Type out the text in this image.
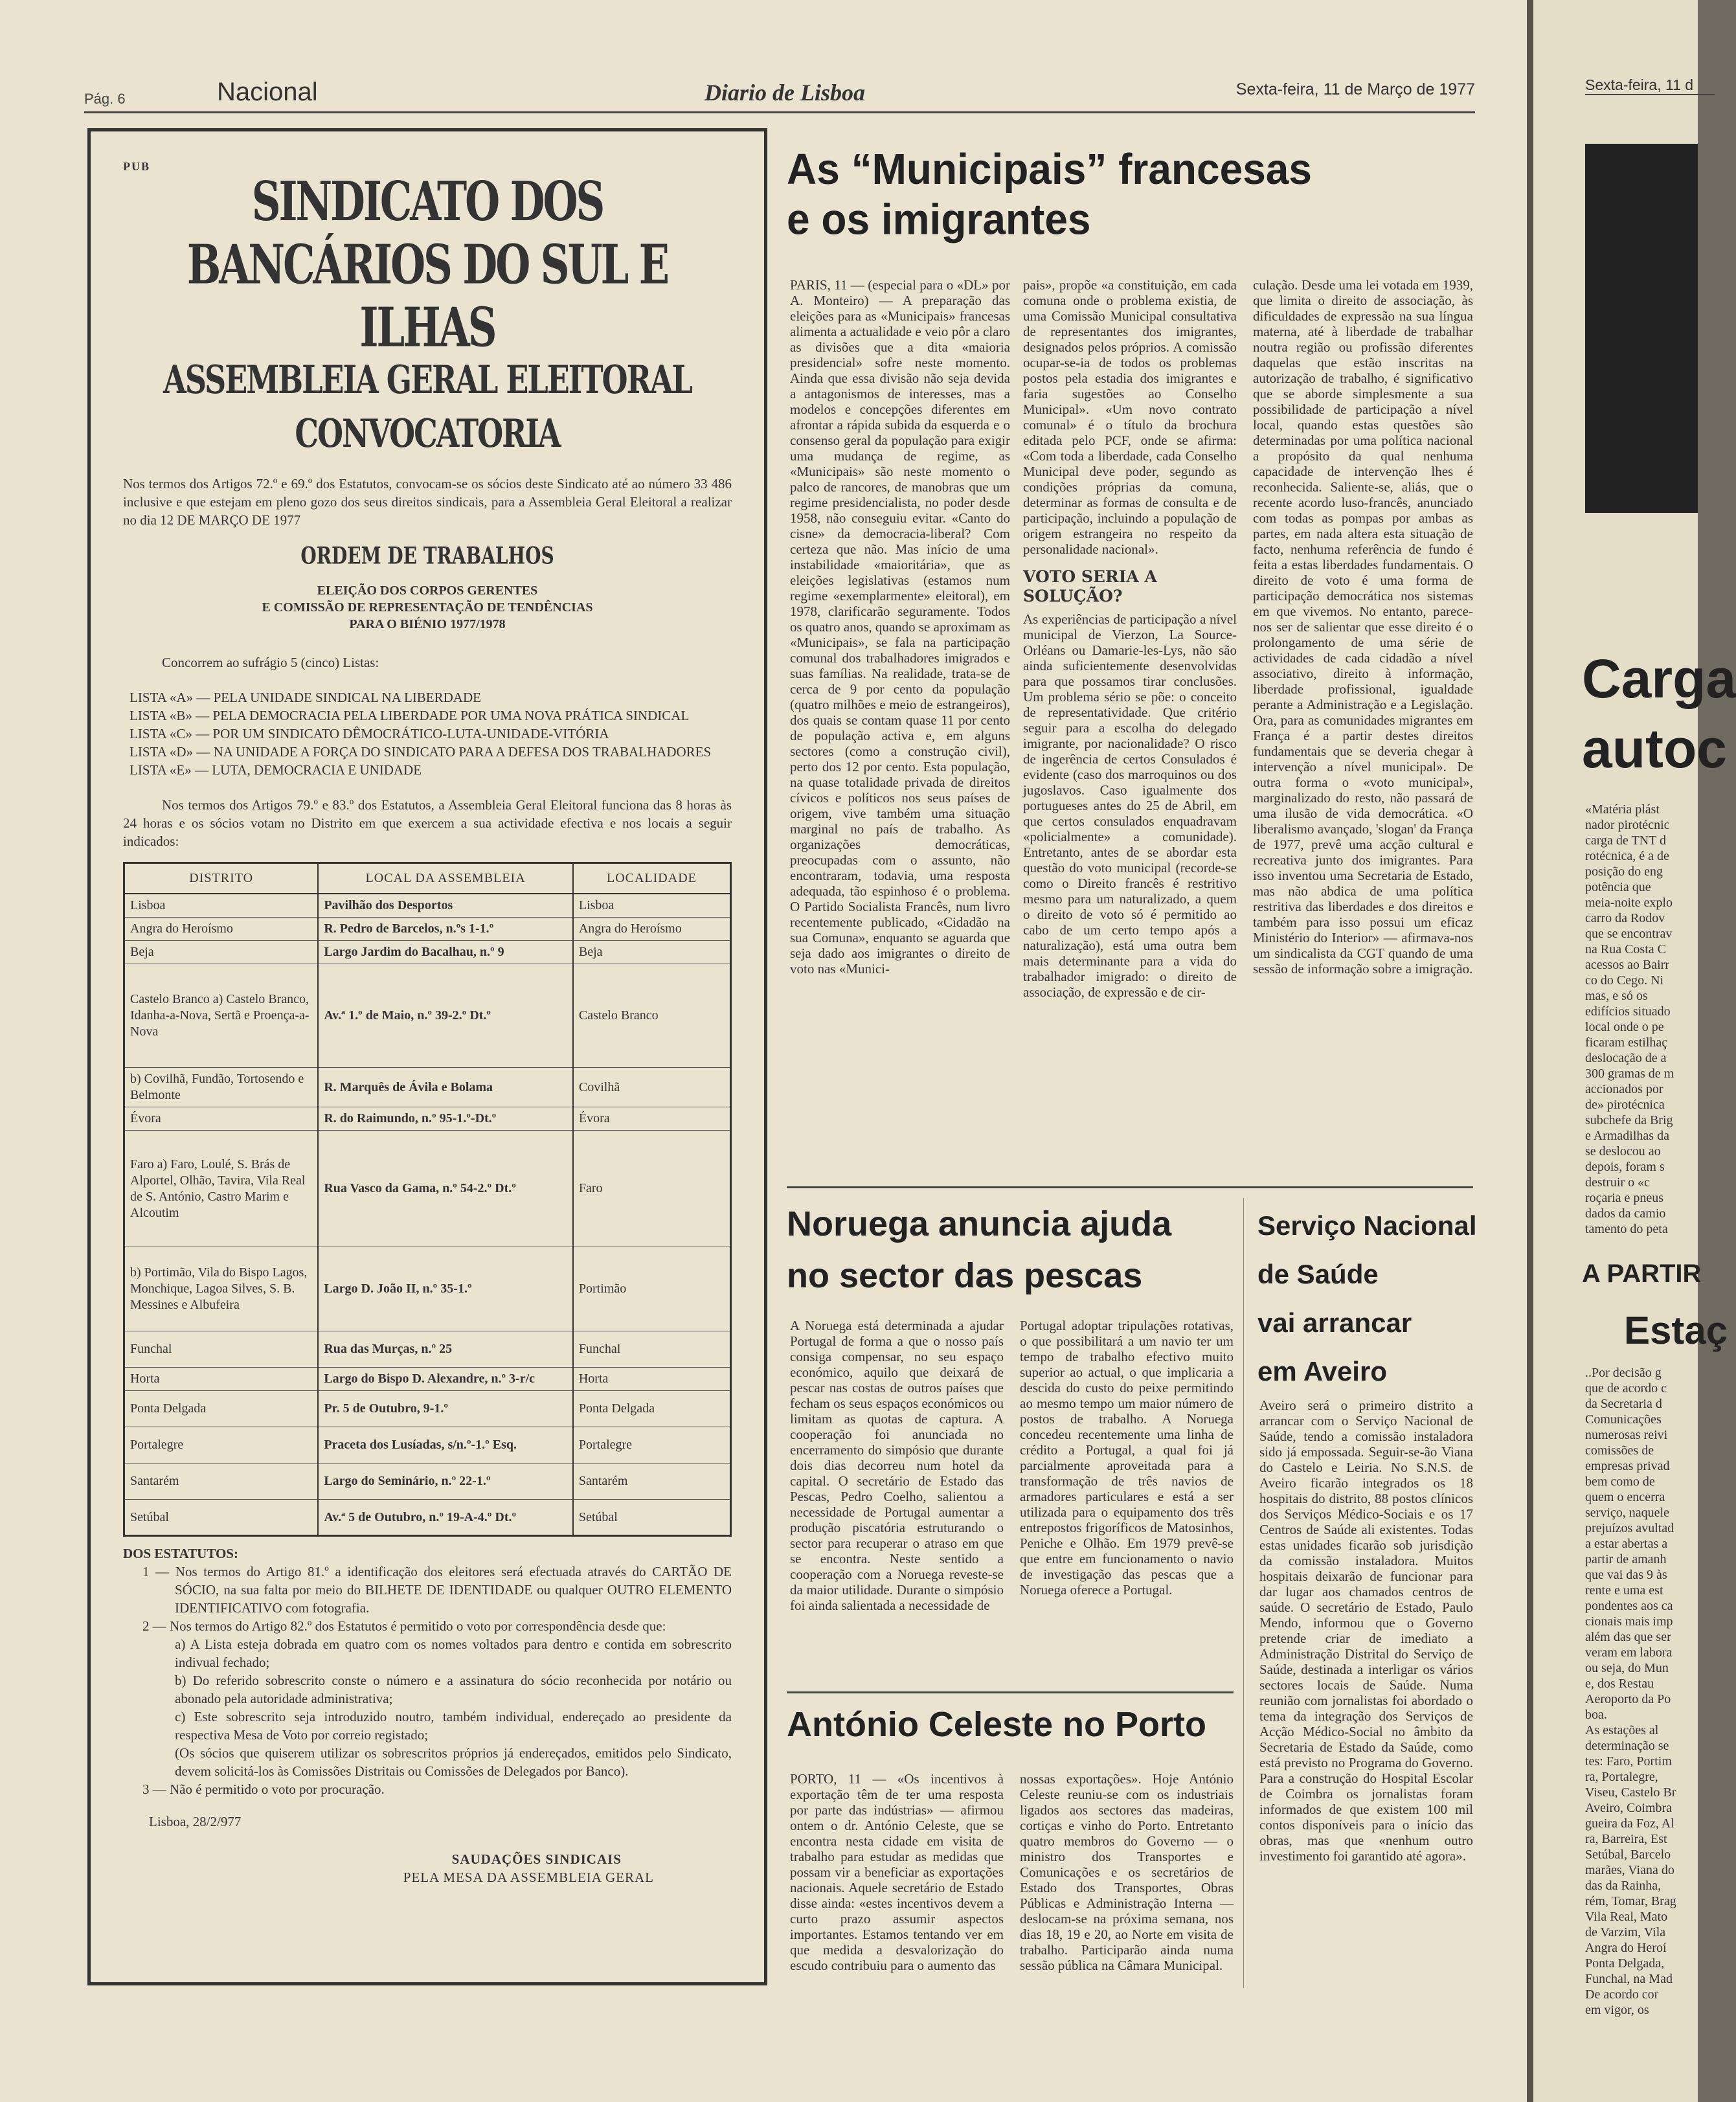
Pág. 6	Nacional	Diario de Lisboa	Sexta-feira, 11 de Março de 1977
PUB
SINDICATO DOS BANCÁRIOS DO SUL E ILHAS
ASSEMBLEIA GERAL ELEITORAL
CONVOCATORIA

Nos termos dos Artigos 72.º e 69.º dos Estatutos, convocam-se os sócios deste Sindicato até ao número 33 486 inclusive e que estejam em pleno gozo dos seus direitos sindicais, para a Assembleia Geral Eleitoral a realizar no dia 12 DE MARÇO DE 1977

ORDEM DE TRABALHOS
ELEIÇÃO DOS CORPOS GERENTES
E COMISSÃO DE REPRESENTAÇÃO DE TENDÊNCIAS
PARA O BIÉNIO 1977/1978
Concorrem ao sufrágio 5 (cinco) Listas:
LISTA «A» — PELA UNIDADE SINDICAL NA LIBERDADE
LISTA «B» — PELA DEMOCRACIA PELA LIBERDADE POR UMA NOVA PRÁTICA SINDICAL
LISTA «C» — POR UM SINDICATO DÊMOCRÁTICO-LUTA-UNIDADE-VITÓRIA
LISTA «D» — NA UNIDADE A FORÇA DO SINDICATO PARA A DEFESA DOS TRABALHADORES
LISTA «E» — LUTA, DEMOCRACIA E UNIDADE

Nos termos dos Artigos 79.º e 83.º dos Estatutos, a Assembleia Geral Eleitoral funciona das 8 horas às 24 horas e os sócios votam no Distrito em que exercem a sua actividade efectiva e nos locais a seguir indicados:

DISTRITO	LOCAL DA ASSEMBLEIA	LOCALIDADE
Lisboa	Pavilhão dos Desportos	Lisboa
Angra do Heroísmo	R. Pedro de Barcelos, n.ºs 1-1.º	Angra do Heroísmo
Beja	Largo Jardim do Bacalhau, n.º 9	Beja
Castelo Branco a) Castelo Branco, Idanha-a-Nova, Sertã e Proença-a-Nova	Av.ª 1.º de Maio, n.º 39-2.º Dt.º	Castelo Branco
b) Covilhã, Fundão, Tortosendo e Belmonte	R. Marquês de Ávila e Bolama	Covilhã
Évora	R. do Raimundo, n.º 95-1.º-Dt.º	Évora
Faro a) Faro, Loulé, S. Brás de Alportel, Olhão, Tavira, Vila Real de S. António, Castro Marim e Alcoutim	Rua Vasco da Gama, n.º 54-2.º Dt.º	Faro
b) Portimão, Vila do Bispo Lagos, Monchique, Lagoa Silves, S. B. Messines e Albufeira	Largo D. João II, n.º 35-1.º	Portimão
Funchal	Rua das Murças, n.º 25	Funchal
Horta	Largo do Bispo D. Alexandre, n.º 3-r/c	Horta
Ponta Delgada	Pr. 5 de Outubro, 9-1.º	Ponta Delgada
Portalegre	Praceta dos Lusíadas, s/n.º-1.º Esq.	Portalegre
Santarém	Largo do Seminário, n.º 22-1.º	Santarém
Setúbal	Av.ª 5 de Outubro, n.º 19-A-4.º Dt.º	Setúbal
DOS ESTATUTOS:
1 — Nos termos do Artigo 81.º a identificação dos eleitores será efectuada através do CARTÃO DE SÓCIO, na sua falta por meio do BILHETE DE IDENTIDADE ou qualquer OUTRO ELEMENTO IDENTIFICATIVO com fotografia.
2 — Nos termos do Artigo 82.º dos Estatutos é permitido o voto por correspondência desde que:
a) A Lista esteja dobrada em quatro com os nomes voltados para dentro e contida em sobrescrito indivual fechado;
b) Do referido sobrescrito conste o número e a assinatura do sócio reconhecida por notário ou abonado pela autoridade administrativa;
c) Este sobrescrito seja introduzido noutro, também individual, endereçado ao presidente da respectiva Mesa de Voto por correio registado;
(Os sócios que quiserem utilizar os sobrescritos próprios já endereçados, emitidos pelo Sindicato, devem solicitá-los às Comissões Distritais ou Comissões de Delegados por Banco).
3 — Não é permitido o voto por procuração.
Lisboa, 28/2/977
SAUDAÇÕES SINDICAIS
PELA MESA DA ASSEMBLEIA GERAL
As “Municipais” francesas
e os imigrantes
PARIS, 11 — (especial para o «DL» por A. Monteiro) — A preparação das eleições para as «Municipais» francesas alimenta a actualidade e veio pôr a claro as divisões que a dita «maioria presidencial» sofre neste momento. Ainda que essa divisão não seja devida a antagonismos de interesses, mas a modelos e concepções diferentes em afrontar a rápida subida da esquerda e o consenso geral da população para exigir uma mudança de regime, as «Municipais» são neste momento o palco de rancores, de manobras que um regime presidencialista, no poder desde 1958, não conseguiu evitar. «Canto do cisne» da democracia-liberal? Com certeza que não. Mas início de uma instabilidade «maioritária», que as eleições legislativas (estamos num regime «exemplarmente» eleitoral), em 1978, clarificarão seguramente. Todos os quatro anos, quando se aproximam as «Municipais», se fala na participação comunal dos trabalhadores imigrados e suas famílias. Na realidade, trata-se de cerca de 9 por cento da população (quatro milhões e meio de estrangeiros), dos quais se contam quase 11 por cento de população activa e, em alguns sectores (como a construção civil), perto dos 12 por cento. Esta população, na quase totalidade privada de direitos cívicos e políticos nos seus países de origem, vive também uma situação marginal no país de trabalho. As organizações democráticas, preocupadas com o assunto, não encontraram, todavia, uma resposta adequada, tão espinhoso é o problema. O Partido Socialista Francês, num livro recentemente publicado, «Cidadão na sua Comuna», enquanto se aguarda que seja dado aos imigrantes o direito de voto nas «Munici-
pais», propõe «a constituição, em cada comuna onde o problema existia, de uma Comissão Municipal consultativa de representantes dos imigrantes, designados pelos próprios. A comissão ocupar-se-ia de todos os problemas postos pela estadia dos imigrantes e faria sugestões ao Conselho Municipal». «Um novo contrato comunal» é o título da brochura editada pelo PCF, onde se afirma: «Com toda a liberdade, cada Conselho Municipal deve poder, segundo as condições próprias da comuna, determinar as formas de consulta e de participação, incluindo a população de origem estrangeira no respeito da personalidade nacional».
VOTO SERIA A SOLUÇÃO?
As experiências de participação a nível municipal de Vierzon, La Source-Orléans ou Damarie-les-Lys, não são ainda suficientemente desenvolvidas para que possamos tirar conclusões. Um problema sério se põe: o conceito de representatividade. Que critério seguir para a escolha do delegado imigrante, por nacionalidade? O risco de ingerência de certos Consulados é evidente (caso dos marroquinos ou dos jugoslavos. Caso igualmente dos portugueses antes do 25 de Abril, em que certos consulados enquadravam «policialmente» a comunidade). Entretanto, antes de se abordar esta questão do voto municipal (recorde-se como o Direito francês é restritivo mesmo para um naturalizado, a quem o direito de voto só é permitido ao cabo de um certo tempo após a naturalização), está uma outra bem mais determinante para a vida do trabalhador imigrado: o direito de associação, de expressão e de cir-
culação. Desde uma lei votada em 1939, que limita o direito de associação, às dificuldades de expressão na sua língua materna, até à liberdade de trabalhar noutra região ou profissão diferentes daquelas que estão inscritas na autorização de trabalho, é significativo que se aborde simplesmente a sua possibilidade de participação a nível local, quando estas questões são determinadas por uma política nacional a propósito da qual nenhuma capacidade de intervenção lhes é reconhecida. Saliente-se, aliás, que o recente acordo luso-francês, anunciado com todas as pompas por ambas as partes, em nada altera esta situação de facto, nenhuma referência de fundo é feita a estas liberdades fundamentais. O direito de voto é uma forma de participação democrática nos sistemas em que vivemos. No entanto, parece-nos ser de salientar que esse direito é o prolongamento de uma série de actividades de cada cidadão a nível associativo, direito à informação, liberdade profissional, igualdade perante a Administração e a Legislação. Ora, para as comunidades migrantes em França é a partir destes direitos fundamentais que se deveria chegar à intervenção a nível municipal». De outra forma o «voto municipal», marginalizado do resto, não passará de uma ilusão de vida democrática. «O liberalismo avançado, 'slogan' da França de 1977, prevê uma acção cultural e recreativa junto dos imigrantes. Para isso inventou uma Secretaria de Estado, mas não abdica de uma política restritiva das liberdades e dos direitos e também para isso possui um eficaz Ministério do Interior» — afirmava-nos um sindicalista da CGT quando de uma sessão de informação sobre a imigração.
Noruega anuncia ajuda
no sector das pescas
A Noruega está determinada a ajudar Portugal de forma a que o nosso país consiga compensar, no seu espaço económico, aquilo que deixará de pescar nas costas de outros países que fecham os seus espaços económicos ou limitam as quotas de captura. A cooperação foi anunciada no encerramento do simpósio que durante dois dias decorreu num hotel da capital. O secretário de Estado das Pescas, Pedro Coelho, salientou a necessidade de Portugal aumentar a produção piscatória estruturando o sector para recuperar o atraso em que se encontra. Neste sentido a cooperação com a Noruega reveste-se da maior utilidade. Durante o simpósio foi ainda salientada a necessidade de
Portugal adoptar tripulações rotativas, o que possibilitará a um navio ter um tempo de trabalho efectivo muito superior ao actual, o que implicaria a descida do custo do peixe permitindo ao mesmo tempo um maior número de postos de trabalho. A Noruega concedeu recentemente uma linha de crédito a Portugal, a qual foi já parcialmente aproveitada para a transformação de três navios de armadores particulares e está a ser utilizada para o equipamento dos três entrepostos frigoríficos de Matosinhos, Peniche e Olhão. Em 1979 prevê-se que entre em funcionamento o navio de investigação das pescas que a Noruega oferece a Portugal.
António Celeste no Porto
PORTO, 11 — «Os incentivos à exportação têm de ter uma resposta por parte das indústrias» — afirmou ontem o dr. António Celeste, que se encontra nesta cidade em visita de trabalho para estudar as medidas que possam vir a beneficiar as exportações nacionais. Aquele secretário de Estado disse ainda: «estes incentivos devem a curto prazo assumir aspectos importantes. Estamos tentando ver em que medida a desvalorização do escudo contribuiu para o aumento das
nossas exportações». Hoje António Celeste reuniu-se com os industriais ligados aos sectores das madeiras, cortiças e vinho do Porto. Entretanto quatro membros do Governo — o ministro dos Transportes e Comunicações e os secretários de Estado dos Transportes, Obras Públicas e Administração Interna — deslocam-se na próxima semana, nos dias 18, 19 e 20, ao Norte em visita de trabalho. Participarão ainda numa sessão pública na Câmara Municipal.
Serviço Nacional
de Saúde
vai arrancar
em Aveiro
Aveiro será o primeiro distrito a arrancar com o Serviço Nacional de Saúde, tendo a comissão instaladora sido já empossada. Seguir-se-ão Viana do Castelo e Leiria. No S.N.S. de Aveiro ficarão integrados os 18 hospitais do distrito, 88 postos clínicos dos Serviços Médico-Sociais e os 17 Centros de Saúde ali existentes. Todas estas unidades ficarão sob jurisdição da comissão instaladora. Muitos hospitais deixarão de funcionar para dar lugar aos chamados centros de saúde. O secretário de Estado, Paulo Mendo, informou que o Governo pretende criar de imediato a Administração Distrital do Serviço de Saúde, destinada a interligar os vários sectores locais de Saúde. Numa reunião com jornalistas foi abordado o tema da integração dos Serviços de Acção Médico-Social no âmbito da Secretaria de Estado da Saúde, como está previsto no Programa do Governo. Para a construção do Hospital Escolar de Coimbra os jornalistas foram informados de que existem 100 mil contos disponíveis para o início das obras, mas que «nenhum outro investimento foi garantido até agora».
Sexta-feira, 11 d
Carga
autoc
«Matéria plást
nador pirotécnic
carga de TNT d
rotécnica, é a de
posição do eng
potência que
meia-noite explo
carro da Rodov
que se encontrav
na Rua Costa C
acessos ao Bairr
co do Cego. Ni
mas, e só os
edifícios situado
local onde o pe
ficaram estilhaç
deslocação de a
300 gramas de m
accionados por
de» pirotécnica
subchefe da Brig
e Armadilhas da
se deslocou ao
depois, foram s
destruir o «c
roçaria e pneus
dados da camio
tamento do peta
A PARTIR
Estaç
..Por decisão g
que de acordo c
da Secretaria d
Comunicações
numerosas reivi
comissões de
empresas privad
bem como de
quem o encerra
serviço, naquele
prejuízos avultad
a estar abertas a
partir de amanh
que vai das 9 às
rente e uma est
pondentes aos ca
cionais mais imp
além das que ser
veram em labora
ou seja, do Mun
e, dos Restau
Aeroporto da Po
boa.
As estações al
determinação se
tes: Faro, Portim
ra, Portalegre,
Viseu, Castelo Br
Aveiro, Coimbra
gueira da Foz, Al
ra, Barreira, Est
Setúbal, Barcelo
marães, Viana do
das da Rainha,
rém, Tomar, Brag
Vila Real, Mato
de Varzim, Vila
Angra do Heroí
Ponta Delgada,
Funchal, na Mad
De acordo cor
em vigor, os
